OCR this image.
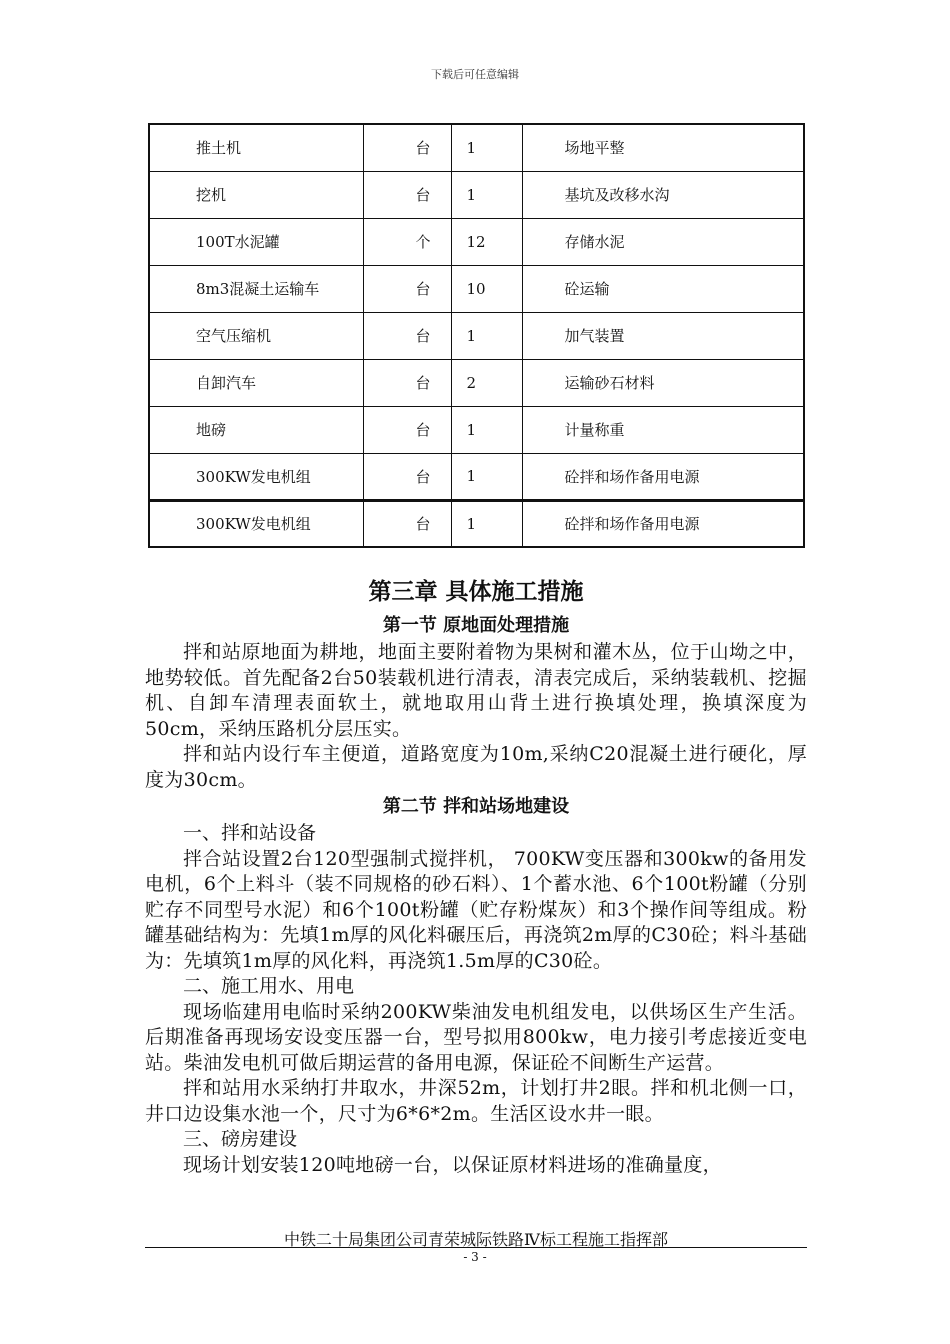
下载后可任意编辑
推土机	台	1	场地平整
挖机	台	1	基坑及改移水沟
100T水泥罐	个	12	存储水泥
8m3混凝土运输车	台	10	砼运输
空气压缩机	台	1	加气装置
自卸汽车	台	2	运输砂石材料
地磅	台	1	计量称重
300KW发电机组	台	1	砼拌和场作备用电源
300KW发电机组	台	1	砼拌和场作备用电源
第三章 具体施工措施
第一节 原地面处理措施

拌和站原地面为耕地，地面主要附着物为果树和灌木丛，位于山坳之中，地势较低。首先配备2台50装载机进行清表，清表完成后，采纳装载机、挖掘机、自卸车清理表面软土，就地取用山背土进行换填处理，换填深度为50cm，采纳压路机分层压实。

拌和站内设行车主便道，道路宽度为10m,采纳C20混凝土进行硬化，厚度为30cm。

第二节 拌和站场地建设

一、拌和站设备

拌合站设置2台120型强制式搅拌机， 700KW变压器和300kw的备用发电机，6个上料斗（装不同规格的砂石料）、1个蓄水池、6个100t粉罐（分别贮存不同型号水泥）和6个100t粉罐（贮存粉煤灰）和3个操作间等组成。粉罐基础结构为：先填1m厚的风化料碾压后，再浇筑2m厚的C30砼；料斗基础为：先填筑1m厚的风化料，再浇筑1.5m厚的C30砼。

二、施工用水、用电

现场临建用电临时采纳200KW柴油发电机组发电，以供场区生产生活。后期准备再现场安设变压器一台，型号拟用800kw，电力接引考虑接近变电站。柴油发电机可做后期运营的备用电源，保证砼不间断生产运营。

拌和站用水采纳打井取水，井深52m，计划打井2眼。拌和机北侧一口，井口边设集水池一个，尺寸为6*6*2m。生活区设水井一眼。

三、磅房建设

现场计划安装120吨地磅一台，以保证原材料进场的准确量度，

中铁二十局集团公司青荣城际铁路Ⅳ标工程施工指挥部
- 3 -
